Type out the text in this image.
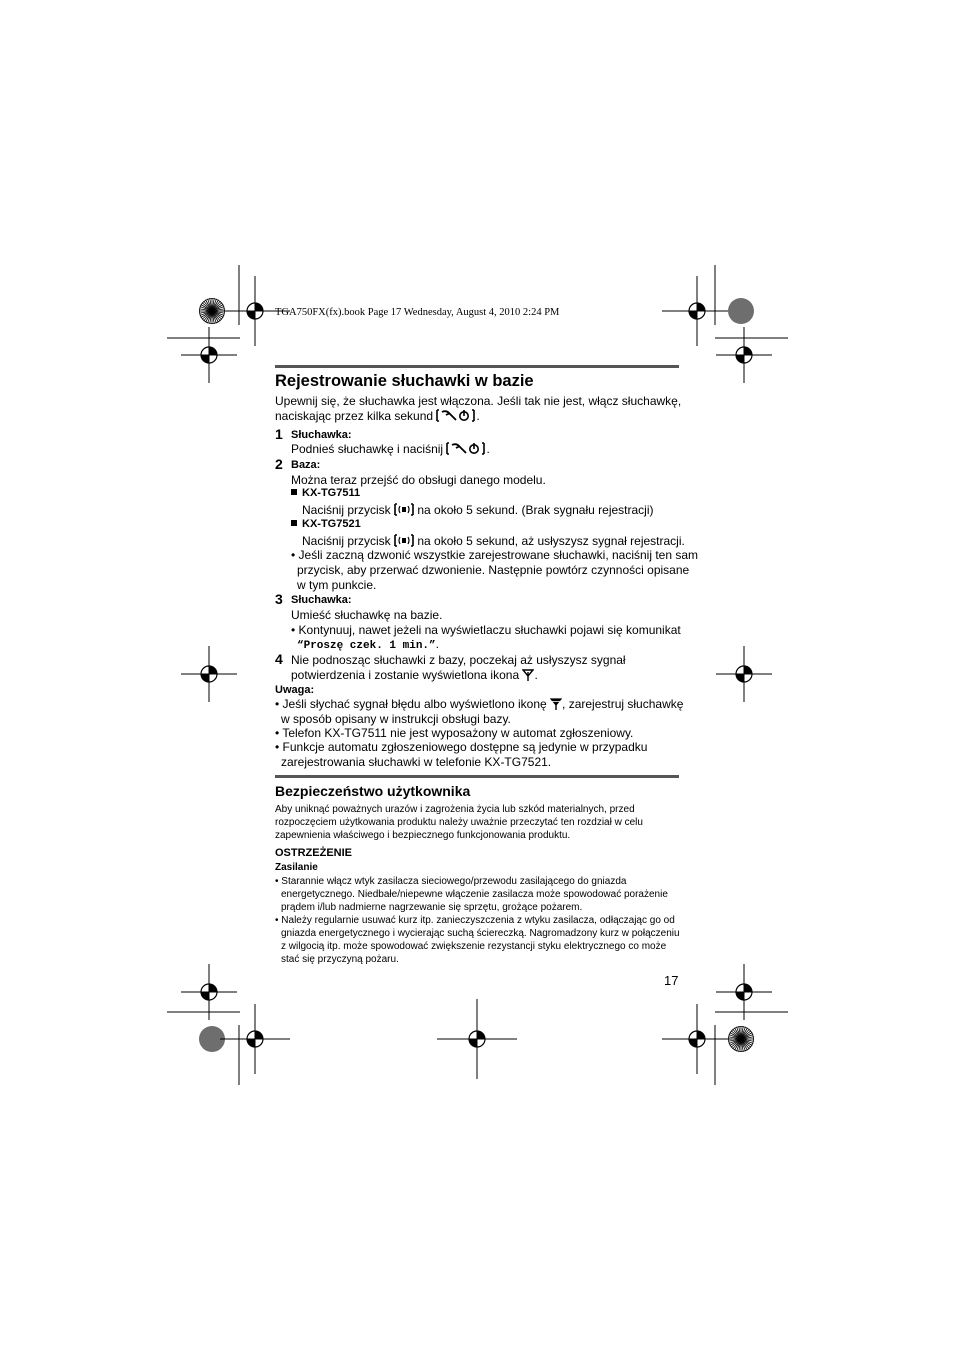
TGA750FX(fx).book Page 17 Wednesday, August 4, 2010 2:24 PM
Rejestrowanie słuchawki w bazie
Upewnij się, że słuchawka jest włączona. Jeśli tak nie jest, włącz słuchawkę,
naciskając przez kilka sekund	.
1 Słuchawka:
Podnieś słuchawkę i naciśnij	.
2 Baza:
Można teraz przejść do obsługi danego modelu.
KX-TG7511
Naciśnij przycisk na około 5 sekund. (Brak sygnału rejestracji)
KX-TG7521
Naciśnij przycisk na około 5 sekund, aż usłyszysz sygnał rejestracji.
• Jeśli zaczną dzwonić wszystkie zarejestrowane słuchawki, naciśnij ten sam
przycisk, aby przerwać dzwonienie. Następnie powtórz czynności opisane
w tym punkcie.
3 Słuchawka:
Umieść słuchawkę na bazie.
• Kontynuuj, nawet jeżeli na wyświetlaczu słuchawki pojawi się komunikat
“Proszę czek. 1 min.”.
4 Nie podnosząc słuchawki z bazy, poczekaj aż usłyszysz sygnał
potwierdzenia i zostanie wyświetlona ikona .
Uwaga:
• Jeśli słychać sygnał błędu albo wyświetlono ikonę , zarejestruj słuchawkę
w sposób opisany w instrukcji obsługi bazy.
• Telefon KX-TG7511 nie jest wyposażony w automat zgłoszeniowy.
• Funkcje automatu zgłoszeniowego dostępne są jedynie w przypadku
zarejestrowania słuchawki w telefonie KX-TG7521.
Bezpieczeństwo użytkownika
Aby uniknąć poważnych urazów i zagrożenia życia lub szkód materialnych, przed
rozpoczęciem użytkowania produktu należy uważnie przeczytać ten rozdział w celu
zapewnienia właściwego i bezpiecznego funkcjonowania produktu.
OSTRZEŻENIE
Zasilanie
• Starannie włącz wtyk zasilacza sieciowego/przewodu zasilającego do gniazda
energetycznego. Niedbałe/niepewne włączenie zasilacza może spowodować porażenie
prądem i/lub nadmierne nagrzewanie się sprzętu, grożące pożarem.
• Należy regularnie usuwać kurz itp. zanieczyszczenia z wtyku zasilacza, odłączając go od
gniazda energetycznego i wycierając suchą ściereczką. Nagromadzony kurz w połączeniu
z wilgocią itp. może spowodować zwiększenie rezystancji styku elektrycznego co może
stać się przyczyną pożaru.
17
